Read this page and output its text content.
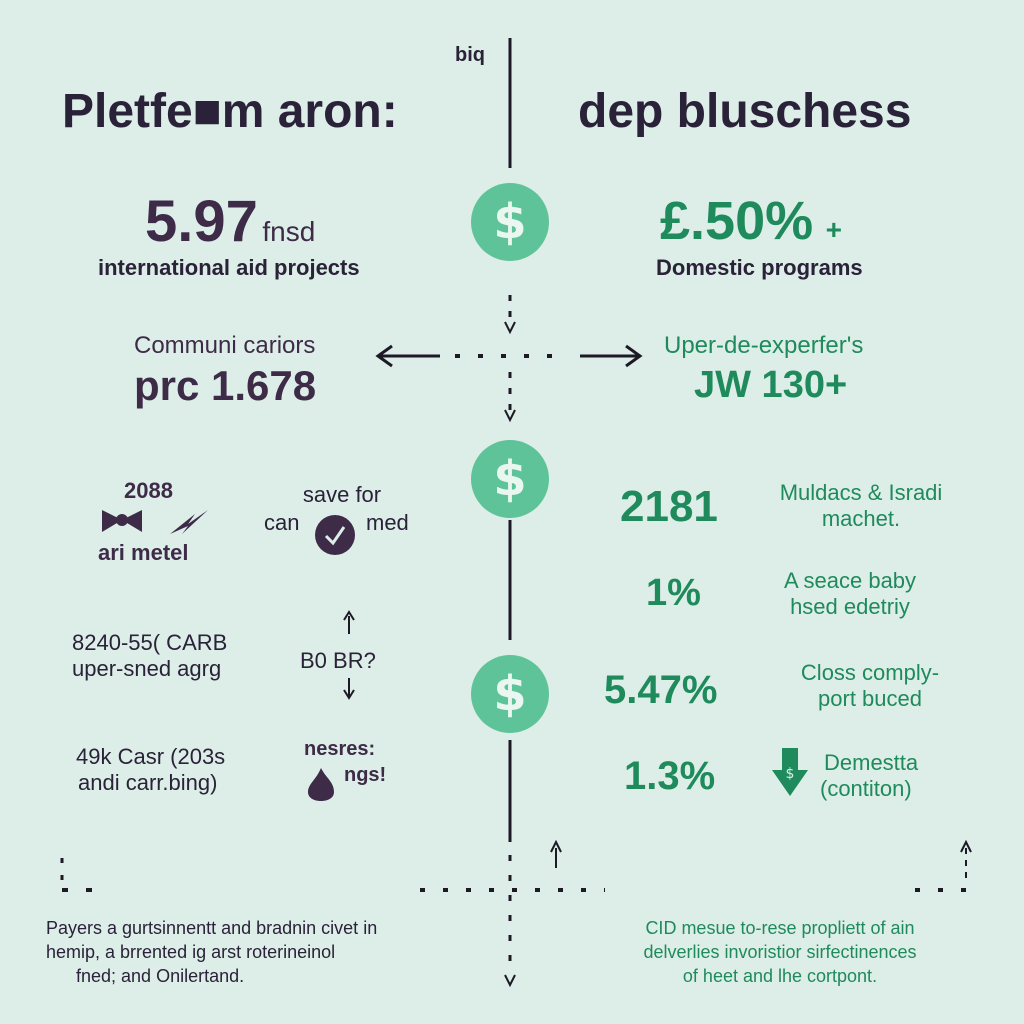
biq
Pletfe■m aron:	dep bluschess
$
$
$
5.97 fnsd
international aid projects
£.50% +
Domestic programs
Communi cariors
prc 1.678
Uper-de-experfer's
JW 130+
2088
ari metel
save for
can	med	2181	Muldacs & Isradi
machet.
1%	A seace baby
hsed edetriy
8240-55( CARB
uper-sned agrg	B0 BR?
5.47%	Closs comply-
port buced
49k Casr (203s
andi carr.bing)
nesres:
ngs!	1.3%	$ Demestta
(contiton)
Payers a gurtsinnentt and bradnin civet in
hemip, a brrented ig arst roterineinol
fned; and Onilertand.
CID mesue to-rese propliett of ain
delverlies invoristior sirfectinences
of heet and lhe cortpont.
